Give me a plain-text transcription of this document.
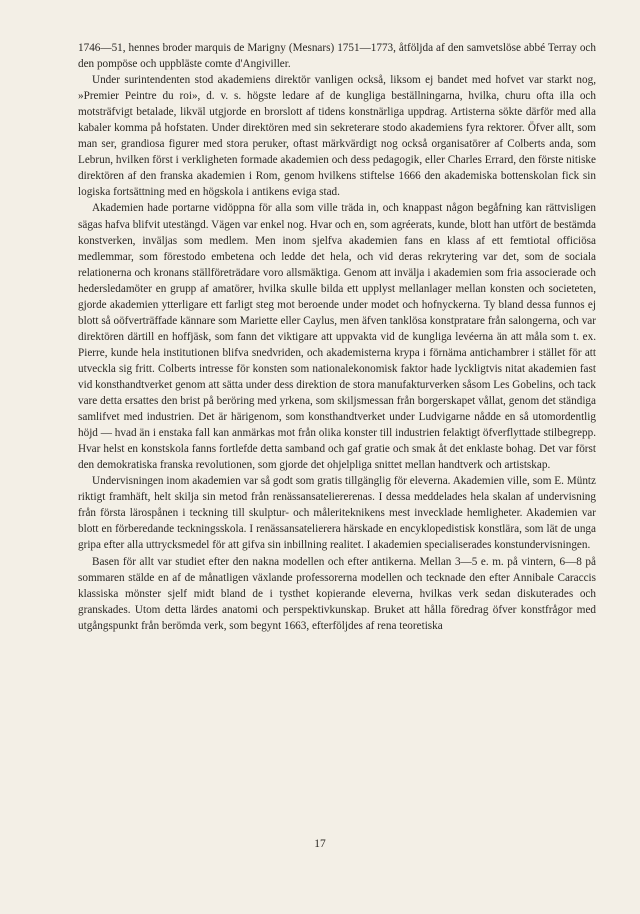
1746—51, hennes broder marquis de Marigny (Mesnars) 1751—1773, åtföljda af den samvetslöse abbé Terray och den pompöse och uppbläste comte d'Angiviller.

Under surintendenten stod akademiens direktör vanligen också, liksom ej bandet med hofvet var starkt nog, »Premier Peintre du roi», d. v. s. högste ledare af de kungliga beställningarna, hvilka, churu ofta illa och motsträfvigt betalade, likväl utgjorde en brorslott af tidens konstnärliga uppdrag. Artisterna sökte därför med alla kabaler komma på hofstaten. Under direktören med sin sekreterare stodo akademiens fyra rektorer. Öfver allt, som man ser, grandiosa figurer med stora peruker, oftast märkvärdigt nog också organisatörer af Colberts anda, som Lebrun, hvilken först i verkligheten formade akademien och dess pedagogik, eller Charles Errard, den förste nitiske direktören af den franska akademien i Rom, genom hvilkens stiftelse 1666 den akademiska bottenskolan fick sin logiska fortsättning med en högskola i antikens eviga stad.

Akademien hade portarne vidöppna för alla som ville träda in, och knappast någon begåfning kan rättvisligen sägas hafva blifvit utestängd. Vägen var enkel nog. Hvar och en, som agréerats, kunde, blott han utfört de bestämda konstverken, inväljas som medlem. Men inom sjelfva akademien fans en klass af ett femtiotal officiösa medlemmar, som förestodo embetena och ledde det hela, och vid deras rekrytering var det, som de sociala relationerna och kronans ställföreträdare voro allsmäktiga. Genom att invälja i akademien som fria associerade och hedersledamöter en grupp af amatörer, hvilka skulle bilda ett upplyst mellanlager mellan konsten och societeten, gjorde akademien ytterligare ett farligt steg mot beroende under modet och hofnyckerna. Ty bland dessa funnos ej blott så oöfverträffade kännare som Mariette eller Caylus, men äfven tanklösa konstpratare från salongerna, och var direktören därtill en hoffjäsk, som fann det viktigare att uppvakta vid de kungliga levéerna än att måla som t. ex. Pierre, kunde hela institutionen blifva snedvriden, och akademisterna krypa i förnäma antichambrer i stället för att utveckla sig fritt. Colberts intresse för konsten som nationalekonomisk faktor hade lyckligtvis nitat akademien fast vid konsthandtverket genom att sätta under dess direktion de stora manufakturverken såsom Les Gobelins, och tack vare detta ersattes den brist på beröring med yrkena, som skiljsmessan från borgerskapet vållat, genom det ständiga samlifvet med industrien. Det är härigenom, som konsthandtverket under Ludvigarne nådde en så utomordentlig höjd — hvad än i enstaka fall kan anmärkas mot från olika konster till industrien felaktigt öfverflyttade stilbegrepp. Hvar helst en konstskola fanns fortlefde detta samband och gaf gratie och smak åt det enklaste bohag. Det var först den demokratiska franska revolutionen, som gjorde det ohjelpliga snittet mellan handtverk och artistskap.

Undervisningen inom akademien var så godt som gratis tillgänglig för eleverna. Akademien ville, som E. Müntz riktigt framhäft, helt skilja sin metod från renässansateliererenas. I dessa meddelades hela skalan af undervisning från första lärospånen i teckning till skulptur- och måleriteknikens mest invecklade hemligheter. Akademien var blott en förberedande teckningsskola. I renässansatelierera härskade en encyklopedistisk konstlära, som lät de unga gripa efter alla uttrycksmedel för att gifva sin inbillning realitet. I akademien specialiserades konstundervisningen.

Basen för allt var studiet efter den nakna modellen och efter antikerna. Mellan 3—5 e. m. på vintern, 6—8 på sommaren stälde en af de månatligen växlande professorerna modellen och tecknade den efter Annibale Caraccis klassiska mönster sjelf midt bland de i tysthet kopierande eleverna, hvilkas verk sedan diskuterades och granskades. Utom detta lärdes anatomi och perspektivkunskap. Bruket att hålla föredrag öfver konstfrågor med utgångspunkt från berömda verk, som begynt 1663, efterföljdes af rena teoretiska

17
